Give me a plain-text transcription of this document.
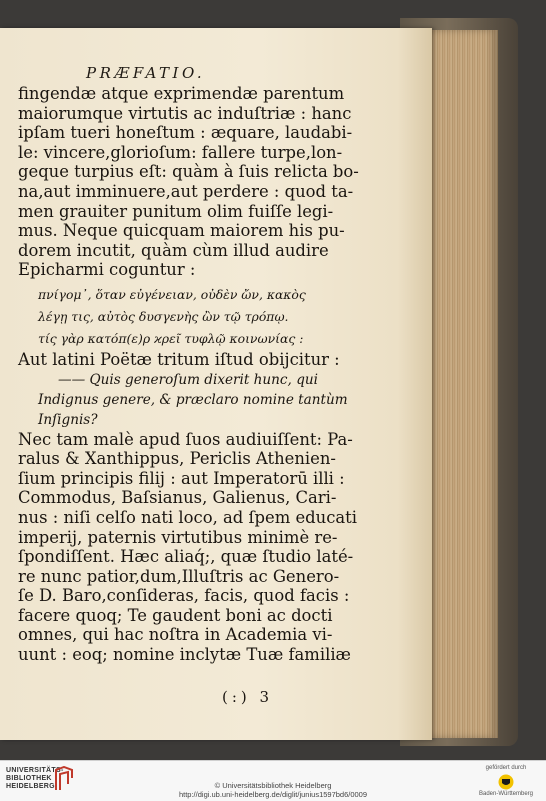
PRÆFATIO.
fingendæ atque exprimendæ parentum
maiorumque virtutis ac induſtriæ : hanc
ipſam tueri honeſtum : æquare, laudabi-
le: vincere,glorioſum: fallere turpe,lon-
geque turpius eſt: quàm à ſuis relicta bo-
na,aut imminuere,aut perdere : quod ta-
men grauiter punitum olim fuiſſe legi-
mus. Neque quicquam maiorem his pu-
dorem incutit, quàm cùm illud audire
Epicharmi coguntur :
πνίγομ᾽, ὅταν εὐγένειαν, οὐδὲν ὤν, κακὸς
λέγῃ τις, αὐτὸς δυσγενὴς ὢν τῷ τρόπῳ.
τίς γὰρ κατόπ(ε)ρ ϰρεῖ τυφλῷ κοινωνίας :
Aut latini Poëtæ tritum iſtud obijcitur :
—— Quis generoſum dixerit hunc, qui
Indignus genere, & præclaro nomine tantùm
Inſignis?
Nec tam malè apud ſuos audiuiſſent: Pa-
ralus & Xanthippus, Periclis Athenien-
ſium principis filij : aut Imperatorū illi :
Commodus, Baſsianus, Galienus, Cari-
nus : niſi celſo nati loco, ad ſpem educati
imperij, paternis virtutibus minimè re-
ſpondiſſent. Hæc aliaq́;, quæ ſtudio laté-
re nunc patior,dum,Illuſtris ac Genero-
ſe D. Baro,conſideras, facis, quod facis :
facere quoq; Te gaudent boni ac docti
omnes, qui hac noſtra in Academia vi-
uunt : eoq; nomine inclytæ Tuæ familiæ
(:) 3
UNIVERSITÄTS-
BIBLIOTHEK
HEIDELBERG	© Universitätsbibliothek Heidelberg
http://digi.ub.uni-heidelberg.de/diglit/junius1597bd6/0009
gefördert durch
Baden-Württemberg
